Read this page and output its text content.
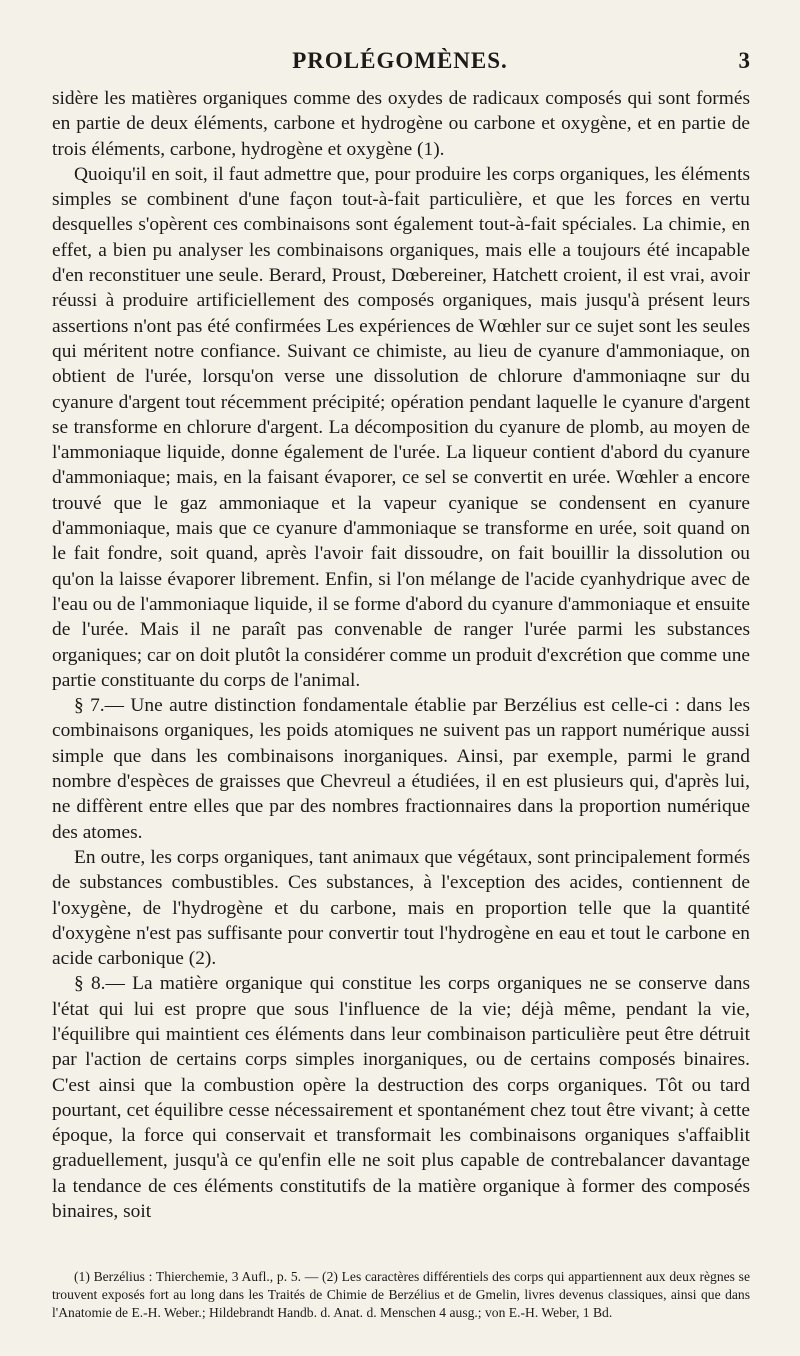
PROLÉGOMÈNES.	3

sidère les matières organiques comme des oxydes de radicaux composés qui sont formés en partie de deux éléments, carbone et hydrogène ou carbone et oxygène, et en partie de trois éléments, carbone, hydrogène et oxygène (1).

Quoiqu'il en soit, il faut admettre que, pour produire les corps organiques, les éléments simples se combinent d'une façon tout-à-fait particulière, et que les forces en vertu desquelles s'opèrent ces combinaisons sont également tout-à-fait spéciales. La chimie, en effet, a bien pu analyser les combinaisons organiques, mais elle a toujours été incapable d'en reconstituer une seule. Berard, Proust, Dœbereiner, Hatchett croient, il est vrai, avoir réussi à produire artificiellement des composés organiques, mais jusqu'à présent leurs assertions n'ont pas été confirmées Les expériences de Wœhler sur ce sujet sont les seules qui méritent notre confiance. Suivant ce chimiste, au lieu de cyanure d'ammoniaque, on obtient de l'urée, lorsqu'on verse une dissolution de chlorure d'ammoniaqne sur du cyanure d'argent tout récemment précipité; opération pendant laquelle le cyanure d'argent se transforme en chlorure d'argent. La décomposition du cyanure de plomb, au moyen de l'ammoniaque liquide, donne également de l'urée. La liqueur contient d'abord du cyanure d'ammoniaque; mais, en la faisant évaporer, ce sel se convertit en urée. Wœhler a encore trouvé que le gaz ammoniaque et la vapeur cyanique se condensent en cyanure d'ammoniaque, mais que ce cyanure d'ammoniaque se transforme en urée, soit quand on le fait fondre, soit quand, après l'avoir fait dissoudre, on fait bouillir la dissolution ou qu'on la laisse évaporer librement. Enfin, si l'on mélange de l'acide cyanhydrique avec de l'eau ou de l'ammoniaque liquide, il se forme d'abord du cyanure d'ammoniaque et ensuite de l'urée. Mais il ne paraît pas convenable de ranger l'urée parmi les substances organiques; car on doit plutôt la considérer comme un produit d'excrétion que comme une partie constituante du corps de l'animal.

§ 7.— Une autre distinction fondamentale établie par Berzélius est celle-ci : dans les combinaisons organiques, les poids atomiques ne suivent pas un rapport numérique aussi simple que dans les combinaisons inorganiques. Ainsi, par exemple, parmi le grand nombre d'espèces de graisses que Chevreul a étudiées, il en est plusieurs qui, d'après lui, ne diffèrent entre elles que par des nombres fractionnaires dans la proportion numérique des atomes.

En outre, les corps organiques, tant animaux que végétaux, sont principalement formés de substances combustibles. Ces substances, à l'exception des acides, contiennent de l'oxygène, de l'hydrogène et du carbone, mais en proportion telle que la quantité d'oxygène n'est pas suffisante pour convertir tout l'hydrogène en eau et tout le carbone en acide carbonique (2).

§ 8.— La matière organique qui constitue les corps organiques ne se conserve dans l'état qui lui est propre que sous l'influence de la vie; déjà même, pendant la vie, l'équilibre qui maintient ces éléments dans leur combinaison particulière peut être détruit par l'action de certains corps simples inorganiques, ou de certains composés binaires. C'est ainsi que la combustion opère la destruction des corps organiques. Tôt ou tard pourtant, cet équilibre cesse nécessairement et spontanément chez tout être vivant; à cette époque, la force qui conservait et transformait les combinaisons organiques s'affaiblit graduellement, jusqu'à ce qu'enfin elle ne soit plus capable de contrebalancer davantage la tendance de ces éléments constitutifs de la matière organique à former des composés binaires, soit

(1) Berzélius : Thierchemie, 3 Aufl., p. 5. — (2) Les caractères différentiels des corps qui appartiennent aux deux règnes se trouvent exposés fort au long dans les Traités de Chimie de Berzélius et de Gmelin, livres devenus classiques, ainsi que dans l'Anatomie de E.-H. Weber.; Hildebrandt Handb. d. Anat. d. Menschen 4 ausg.; von E.-H. Weber, 1 Bd.
